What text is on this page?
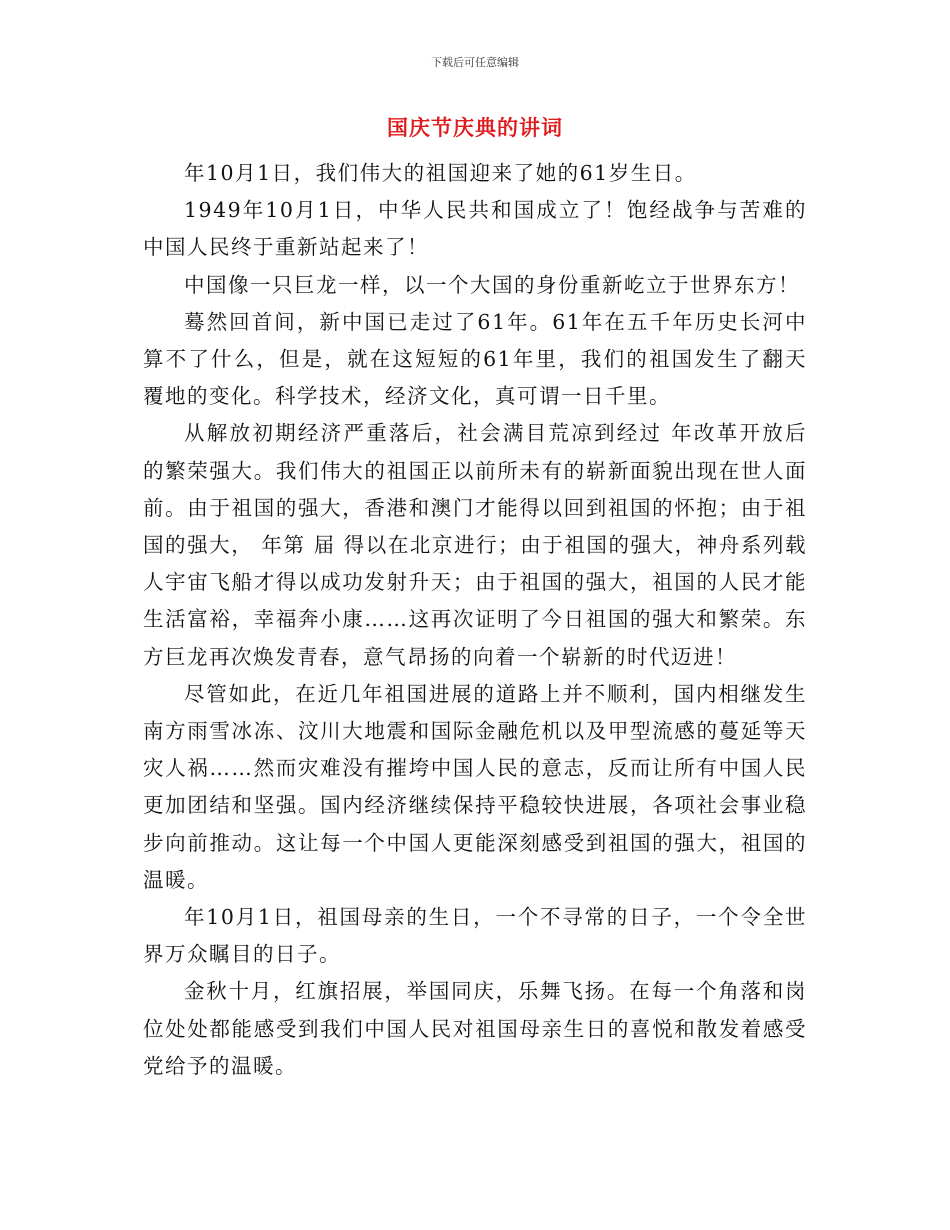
下载后可任意编辑
国庆节庆典的讲词

年10月1日，我们伟大的祖国迎来了她的61岁生日。

1949年10月1日，中华人民共和国成立了！饱经战争与苦难的中国人民终于重新站起来了！

中国像一只巨龙一样，以一个大国的身份重新屹立于世界东方！

蓦然回首间，新中国已走过了61年。61年在五千年历史长河中算不了什么，但是，就在这短短的61年里，我们的祖国发生了翻天覆地的变化。科学技术，经济文化，真可谓一日千里。

从解放初期经济严重落后，社会满目荒凉到经过 年改革开放后的繁荣强大。我们伟大的祖国正以前所未有的崭新面貌出现在世人面前。由于祖国的强大，香港和澳门才能得以回到祖国的怀抱；由于祖国的强大， 年第 届 得以在北京进行；由于祖国的强大，神舟系列载人宇宙飞船才得以成功发射升天；由于祖国的强大，祖国的人民才能生活富裕，幸福奔小康……这再次证明了今日祖国的强大和繁荣。东方巨龙再次焕发青春，意气昂扬的向着一个崭新的时代迈进！

尽管如此，在近几年祖国进展的道路上并不顺利，国内相继发生南方雨雪冰冻、汶川大地震和国际金融危机以及甲型流感的蔓延等天灾人祸……然而灾难没有摧垮中国人民的意志，反而让所有中国人民更加团结和坚强。国内经济继续保持平稳较快进展，各项社会事业稳步向前推动。这让每一个中国人更能深刻感受到祖国的强大，祖国的温暖。

年10月1日，祖国母亲的生日，一个不寻常的日子，一个令全世界万众瞩目的日子。

金秋十月，红旗招展，举国同庆，乐舞飞扬。在每一个角落和岗位处处都能感受到我们中国人民对祖国母亲生日的喜悦和散发着感受党给予的温暖。
